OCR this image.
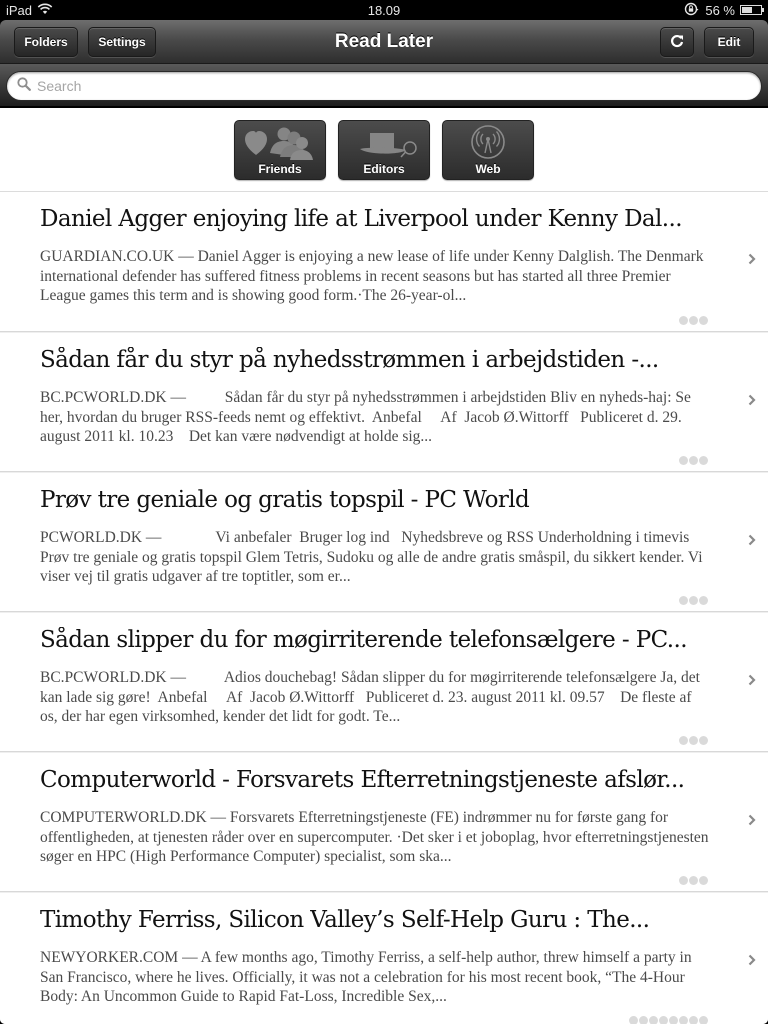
iPad	18.09	56 %
Read Later
Folders	Settings	Edit
Search
Friends	Editors	Web
Daniel Agger enjoying life at Liverpool under Kenny Dal...
GUARDIAN.CO.UK — Daniel Agger is enjoying a new lease of life under Kenny Dalglish. The Denmark international defender has suffered fitness problems in recent seasons but has started all three Premier League games this term and is showing good form.·The 26-year-ol...
Sådan får du styr på nyhedsstrømmen i arbejdstiden -...
BC.PCWORLD.DK —          Sådan får du styr på nyhedsstrømmen i arbejdstiden Bliv en nyheds-haj: Se her, hvordan du bruger RSS-feeds nemt og effektivt.  Anbefal     Af  Jacob Ø.Wittorff   Publiceret d. 29. august 2011 kl. 10.23    Det kan være nødvendigt at holde sig...
Prøv tre geniale og gratis topspil - PC World
PCWORLD.DK —              Vi anbefaler  Bruger log ind   Nyhedsbreve og RSS Underholdning i timevis Prøv tre geniale og gratis topspil Glem Tetris, Sudoku og alle de andre gratis småspil, du sikkert kender. Vi viser vej til gratis udgaver af tre toptitler, som er...
Sådan slipper du for møgirriterende telefonsælgere - PC...
BC.PCWORLD.DK —          Adios douchebag! Sådan slipper du for møgirriterende telefonsælgere Ja, det kan lade sig gøre!  Anbefal     Af  Jacob Ø.Wittorff   Publiceret d. 23. august 2011 kl. 09.57    De fleste af os, der har egen virksomhed, kender det lidt for godt. Te...
Computerworld - Forsvarets Efterretningstjeneste afslør...
COMPUTERWORLD.DK — Forsvarets Efterretningstjeneste (FE) indrømmer nu for første gang for offentligheden, at tjenesten råder over en supercomputer. ·Det sker i et joboplag, hvor efterretningstjenesten søger en HPC (High Performance Computer) specialist, som ska...
Timothy Ferriss, Silicon Valley’s Self-Help Guru : The...
NEWYORKER.COM — A few months ago, Timothy Ferriss, a self-help author, threw himself a party in San Francisco, where he lives. Officially, it was not a celebration for his most recent book, “The 4-Hour Body: An Uncommon Guide to Rapid Fat-Loss, Incredible Sex,...
